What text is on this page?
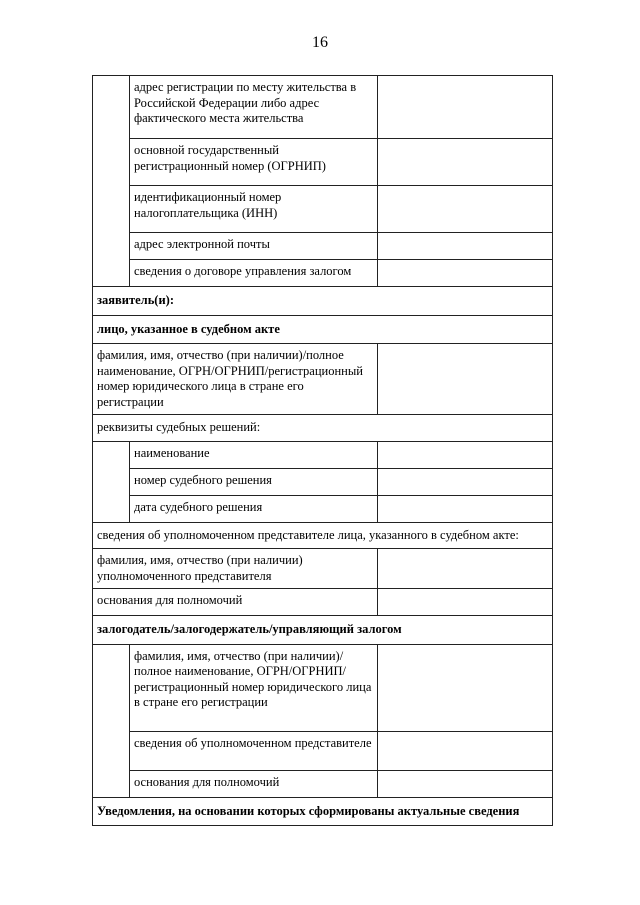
16
	адрес регистрации по месту жительства в Российской Федерации либо адрес фактического места жительства	
	основной государственный регистрационный номер (ОГРНИП)	
	идентификационный номер налогоплательщика (ИНН)	
	адрес электронной почты	
	сведения о договоре управления залогом	
заявитель(и):		
лицо, указанное в судебном акте		
фамилия, имя, отчество (при наличии)/полное наименование, ОГРН/ОГРНИП/регистрационный номер юридического лица в стране его регистрации		
реквизиты судебных решений:		
	наименование	
	номер судебного решения	
	дата судебного решения	
сведения об уполномоченном представителе лица, указанного в судебном акте:		
фамилия, имя, отчество (при наличии) уполномоченного представителя		
основания для полномочий		
залогодатель/залогодержатель/управляющий залогом		
	фамилия, имя, отчество (при наличии)/полное наименование, ОГРН/ОГРНИП/регистрационный номер юридического лица в стране его регистрации	
	сведения об уполномоченном представителе	
	основания для полномочий	
Уведомления, на основании которых сформированы актуальные сведения		
